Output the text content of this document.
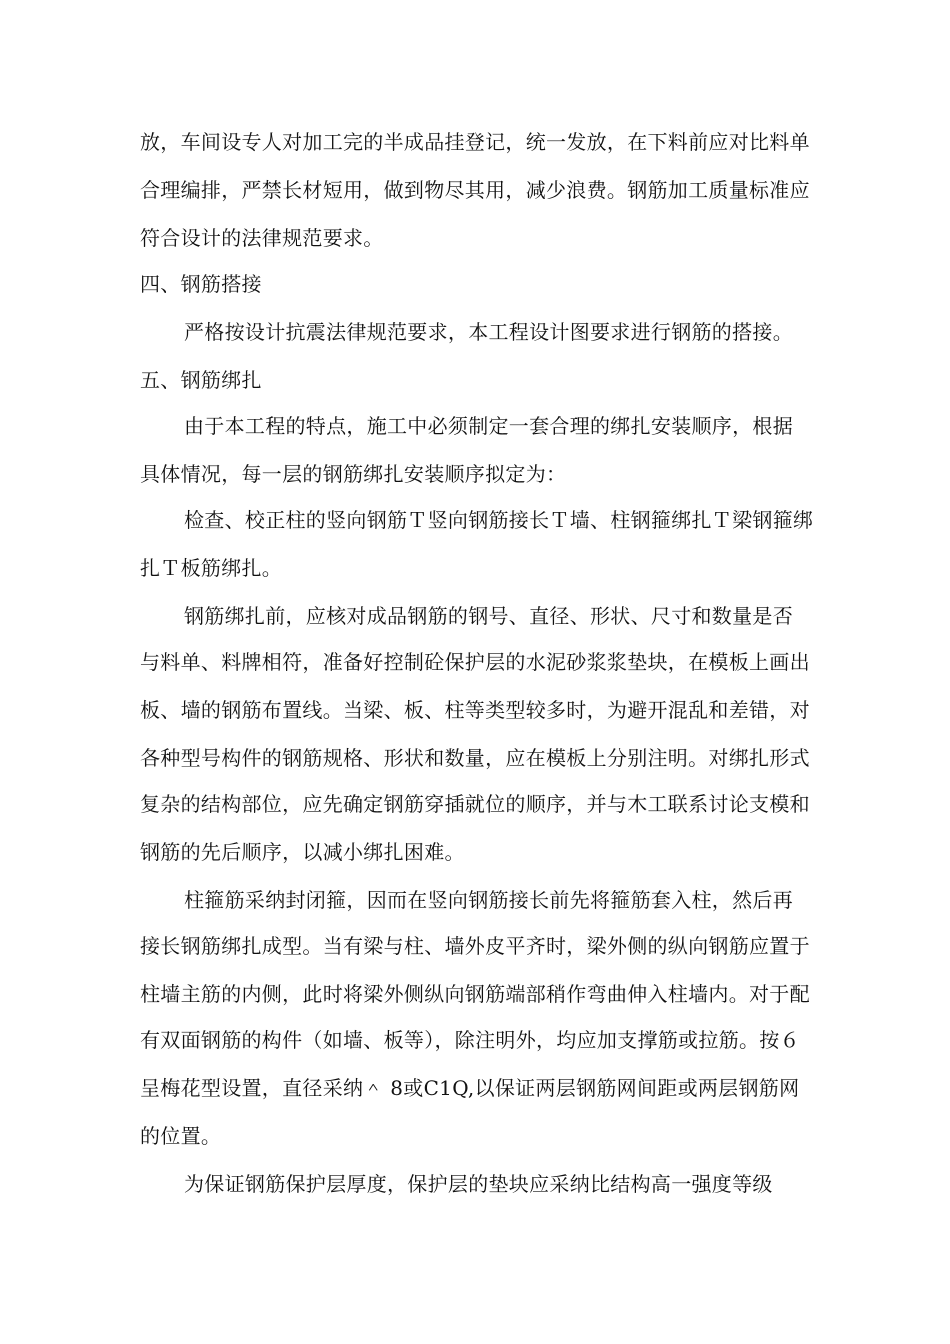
放，车间设专人对加工完的半成品挂登记，统一发放，在下料前应对比料单
合理编排，严禁长材短用，做到物尽其用，减少浪费。钢筋加工质量标准应
符合设计的法律规范要求。
四、钢筋搭接
严格按设计抗震法律规范要求，本工程设计图要求进行钢筋的搭接。
五、钢筋绑扎
由于本工程的特点，施工中必须制定一套合理的绑扎安装顺序，根据
具体情况，每一层的钢筋绑扎安装顺序拟定为：
检查、校正柱的竖向钢筋Ｔ竖向钢筋接长Ｔ墙、柱钢箍绑扎Ｔ梁钢箍绑
扎Ｔ板筋绑扎。
钢筋绑扎前，应核对成品钢筋的钢号、直径、形状、尺寸和数量是否
与料单、料牌相符，准备好控制砼保护层的水泥砂浆浆垫块，在模板上画出
板、墙的钢筋布置线。当梁、板、柱等类型较多时，为避开混乱和差错，对
各种型号构件的钢筋规格、形状和数量，应在模板上分别注明。对绑扎形式
复杂的结构部位，应先确定钢筋穿插就位的顺序，并与木工联系讨论支模和
钢筋的先后顺序，以减小绑扎困难。
柱箍筋采纳封闭箍，因而在竖向钢筋接长前先将箍筋套入柱，然后再
接长钢筋绑扎成型。当有梁与柱、墙外皮平齐时，梁外侧的纵向钢筋应置于
柱墙主筋的内侧，此时将梁外侧纵向钢筋端部稍作弯曲伸入柱墙内。对于配
有双面钢筋的构件（如墙、板等），除注明外，均应加支撑筋或拉筋。按６
呈梅花型设置，直径采纳＾ 8或C1Q,以保证两层钢筋网间距或两层钢筋网
的位置。
为保证钢筋保护层厚度，保护层的垫块应采纳比结构高一强度等级
